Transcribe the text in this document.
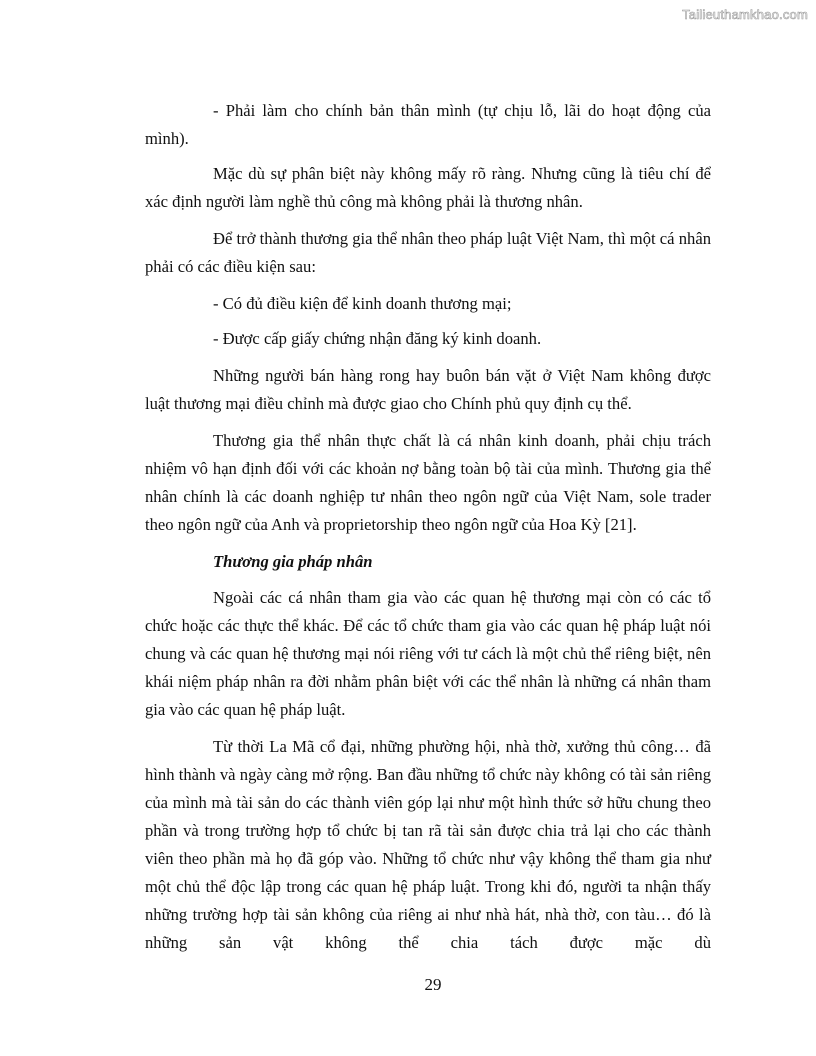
Tailieuthamkhao.com

- Phải làm cho chính bản thân mình (tự chịu lỗ, lãi do hoạt động của mình).

Mặc dù sự phân biệt này không mấy rõ ràng. Nhưng cũng là tiêu chí để xác định người làm nghề thủ công mà không phải là thương nhân.

Để trở thành thương gia thể nhân theo pháp luật Việt Nam, thì một cá nhân phải có các điều kiện sau:

- Có đủ điều kiện để kinh doanh thương mại;

- Được cấp giấy chứng nhận đăng ký kinh doanh.

Những người bán hàng rong hay buôn bán vặt ở Việt Nam không được luật thương mại điều chỉnh mà được giao cho Chính phủ quy định cụ thể.

Thương gia thể nhân thực chất là cá nhân kinh doanh, phải chịu trách nhiệm vô hạn định đối với các khoản nợ bằng toàn bộ tài của mình. Thương gia thể nhân chính là các doanh nghiệp tư nhân theo ngôn ngữ của Việt Nam, sole trader theo ngôn ngữ của Anh và proprietorship theo ngôn ngữ của Hoa Kỳ [21].

Thương gia pháp nhân

Ngoài các cá nhân tham gia vào các quan hệ thương mại còn có các tổ chức hoặc các thực thể khác. Để các tổ chức tham gia vào các quan hệ pháp luật nói chung và các quan hệ thương mại nói riêng với tư cách là một chủ thể riêng biệt, nên khái niệm pháp nhân ra đời nhằm phân biệt với các thể nhân là những cá nhân tham gia vào các quan hệ pháp luật.

Từ thời La Mã cổ đại, những phường hội, nhà thờ, xưởng thủ công… đã hình thành và ngày càng mở rộng. Ban đầu những tổ chức này không có tài sản riêng của mình mà tài sản do các thành viên góp lại như một hình thức sở hữu chung theo phần và trong trường hợp tổ chức bị tan rã tài sản được chia trả lại cho các thành viên theo phần mà họ đã góp vào. Những tổ chức như vậy không thể tham gia như một chủ thể độc lập trong các quan hệ pháp luật. Trong khi đó, người ta nhận thấy những trường hợp tài sản không của riêng ai như nhà hát, nhà thờ, con tàu… đó là những sản vật không thể chia tách được mặc dù

29
